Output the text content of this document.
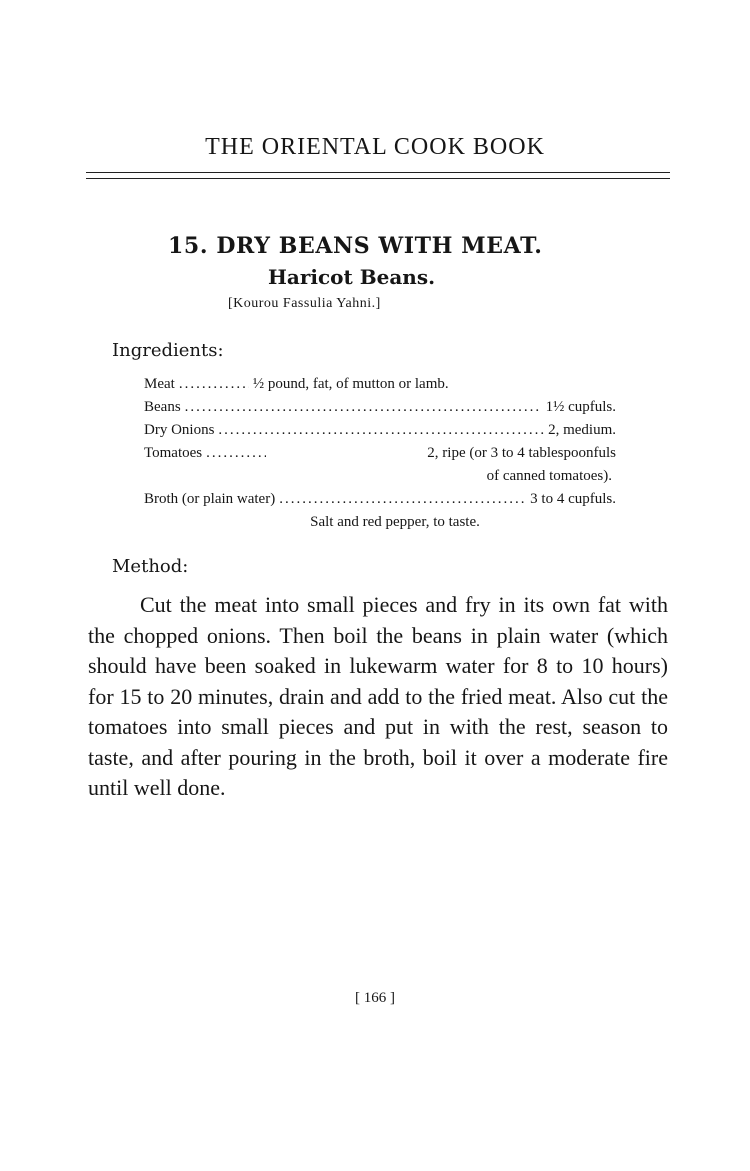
THE ORIENTAL COOK BOOK
15. DRY BEANS WITH MEAT.
Haricot Beans.
[Kourou Fassulia Yahni.]
Ingredients:
Meat .....	½ pound, fat, of mutton or lamb.
Beans .....	1½ cupfuls.
Dry Onions .....	2, medium.
Tomatoes .....	2, ripe (or 3 to 4 tablespoonfuls
of canned tomatoes).
Broth (or plain water) .....	3 to 4 cupfuls.
Salt and red pepper, to taste.
Method:
Cut the meat into small pieces and fry in its own fat with the chopped onions. Then boil the beans in plain water (which should have been soaked in lukewarm water for 8 to 10 hours) for 15 to 20 minutes, drain and add to the fried meat. Also cut the tomatoes into small pieces and put in with the rest, season to taste, and after pouring in the broth, boil it over a moderate fire until well done.
[ 166 ]
